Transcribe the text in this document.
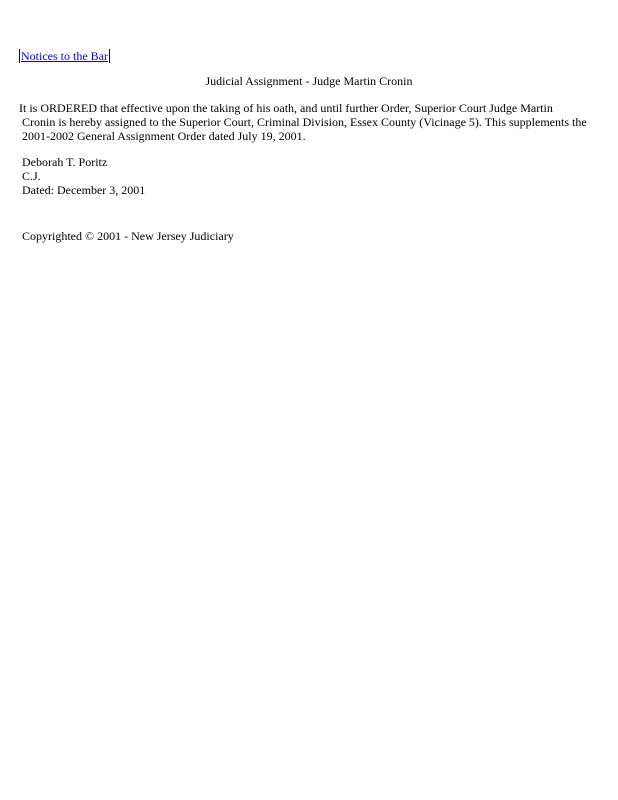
Notices to the Bar
Judicial Assignment - Judge Martin Cronin
It is ORDERED that effective upon the taking of his oath, and until further Order, Superior Court Judge Martin
Cronin is hereby assigned to the Superior Court, Criminal Division, Essex County (Vicinage 5). This supplements the
2001-2002 General Assignment Order dated July 19, 2001.
Deborah T. Poritz
C.J.
Dated: December 3, 2001
Copyrighted © 2001 - New Jersey Judiciary
